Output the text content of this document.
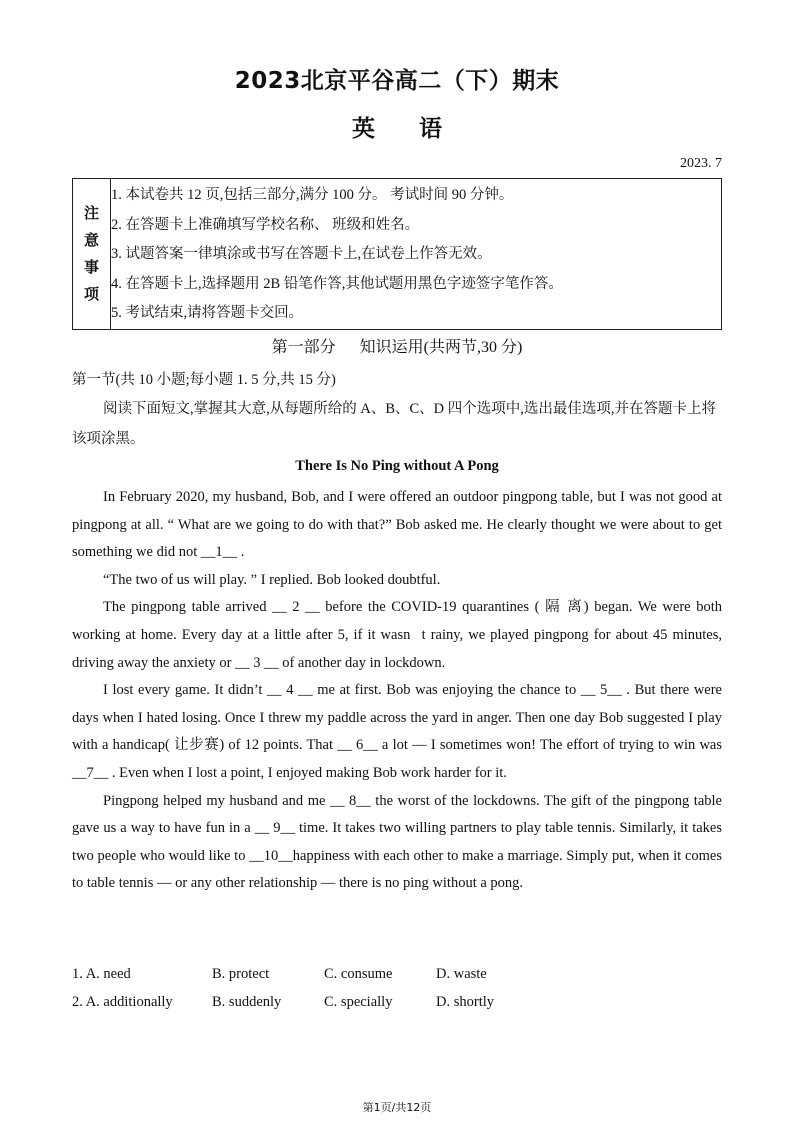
2023北京平谷高二（下）期末
英 语
2023. 7
注
意
事
项
1. 本试卷共 12 页,包括三部分,满分 100 分。 考试时间 90 分钟。
2. 在答题卡上准确填写学校名称、 班级和姓名。
3. 试题答案一律填涂或书写在答题卡上,在试卷上作答无效。
4. 在答题卡上,选择题用 2B 铅笔作答,其他试题用黑色字迹签字笔作答。
5. 考试结束,请将答题卡交回。
第一部分 知识运用(共两节,30 分)
第一节(共 10 小题;每小题 1. 5 分,共 15 分)
阅读下面短文,掌握其大意,从每题所给的 A、B、C、D 四个选项中,选出最佳选项,并在答题卡上将该项涂黑。
There Is No Ping without A Pong

In February 2020, my husband, Bob, and I were offered an outdoor pingpong table, but I was not good at pingpong at all. “ What are we going to do with that?” Bob asked me. He clearly thought we were about to get something we did not __1__ .

“The two of us will play. ” I replied. Bob looked doubtful.

The pingpong table arrived __ 2 __ before the COVID-19 quarantines ( 隔 离) began. We were both working at home. Every day at a little after 5, if it wasn t rainy, we played pingpong for about 45 minutes, driving away the anxiety or __ 3 __ of another day in lockdown.

I lost every game. It didn’t __ 4 __ me at first. Bob was enjoying the chance to __ 5__ . But there were days when I hated losing. Once I threw my paddle across the yard in anger. Then one day Bob suggested I play with a handicap( 让步赛) of 12 points. That __ 6__ a lot — I sometimes won! The effort of trying to win was __7__ . Even when I lost a point, I enjoyed making Bob work harder for it.

Pingpong helped my husband and me __ 8__ the worst of the lockdowns. The gift of the pingpong table gave us a way to have fun in a __ 9__ time. It takes two willing partners to play table tennis. Similarly, it takes two people who would like to __10__happiness with each other to make a marriage. Simply put, when it comes to table tennis — or any other relationship — there is no ping without a pong.

1. A. need	B. protect	C. consume	D. waste
2. A. additionally	B. suddenly	C. specially	D. shortly
第1页/共12页
